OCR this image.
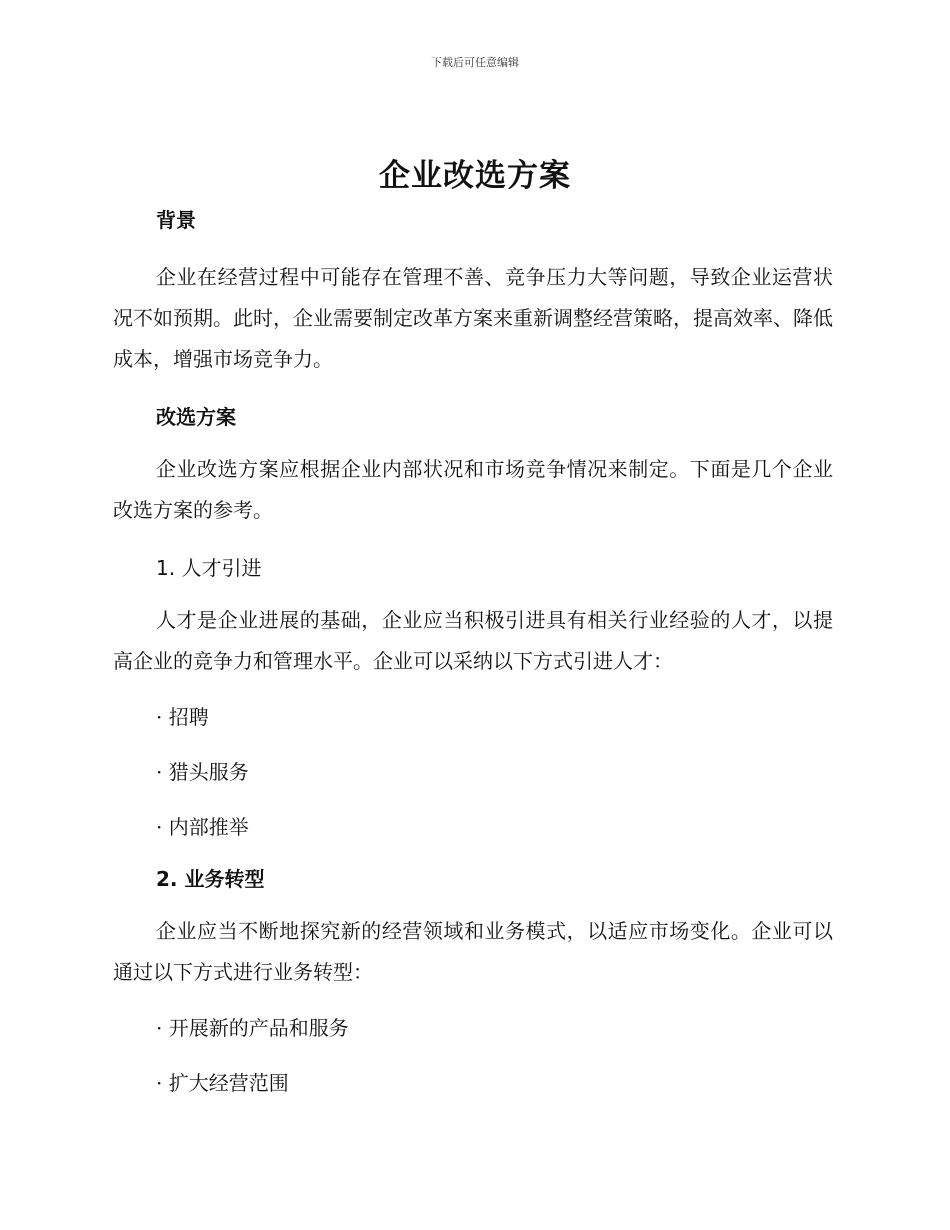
下载后可任意编辑
企业改选方案

背景

企业在经营过程中可能存在管理不善、竞争压力大等问题，导致企业运营状况不如预期。此时，企业需要制定改革方案来重新调整经营策略，提高效率、降低成本，增强市场竞争力。

改选方案

企业改选方案应根据企业内部状况和市场竞争情况来制定。下面是几个企业改选方案的参考。

1. 人才引进

人才是企业进展的基础，企业应当积极引进具有相关行业经验的人才，以提高企业的竞争力和管理水平。企业可以采纳以下方式引进人才：

· 招聘

· 猎头服务

· 内部推举

2. 业务转型

企业应当不断地探究新的经营领域和业务模式，以适应市场变化。企业可以通过以下方式进行业务转型：

· 开展新的产品和服务

· 扩大经营范围
